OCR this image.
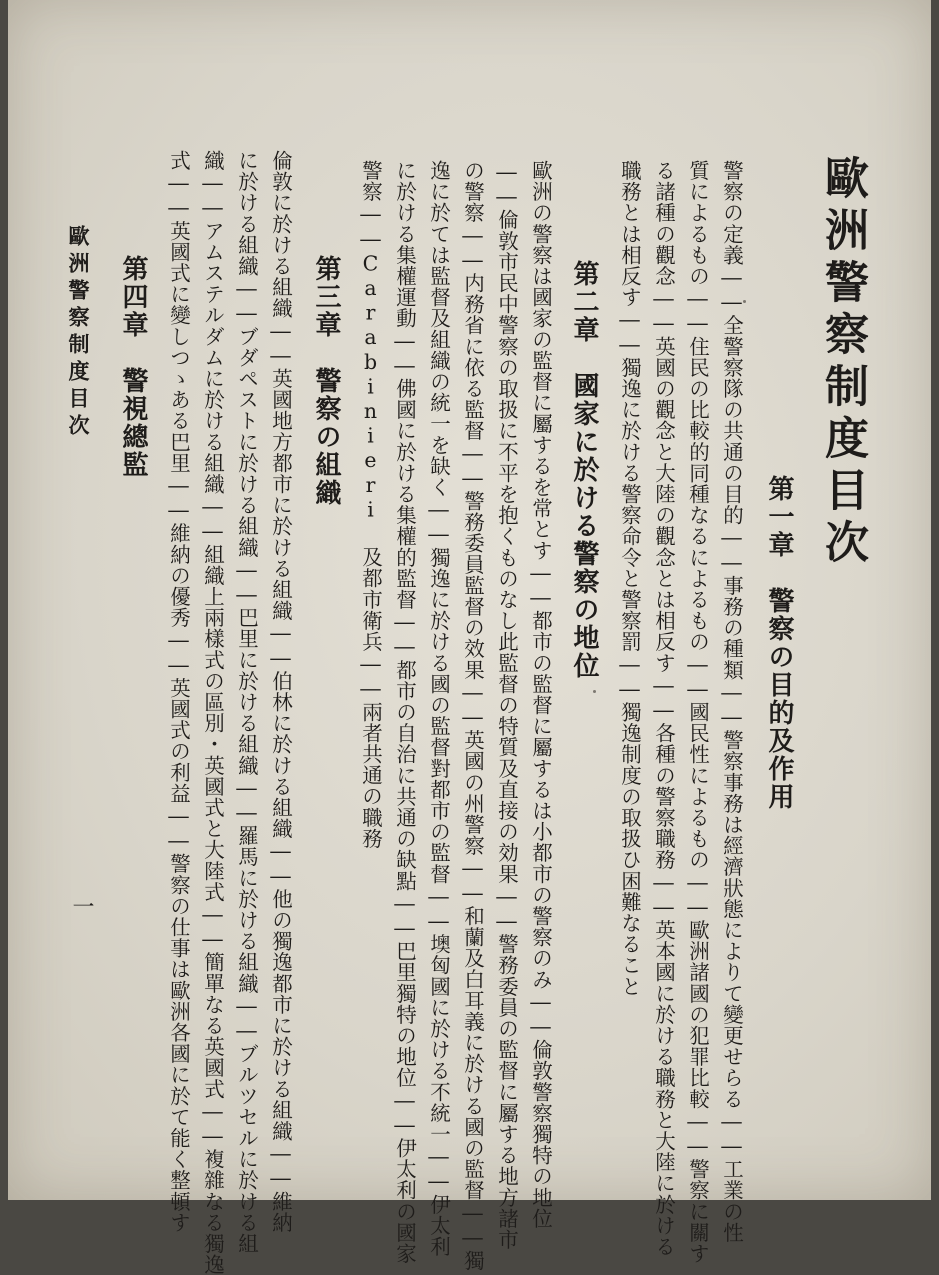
歐洲警察制度目次
第一章　警察の目的及作用
警察の定義――全警察隊の共通の目的――事務の種類――警察事務は經濟狀態によりて變更せらる――工業の性
質によるもの――住民の比較的同種なるによるもの――國民性によるもの――歐洲諸國の犯罪比較――警察に關す
る諸種の觀念――英國の觀念と大陸の觀念とは相反す――各種の警察職務――英本國に於ける職務と大陸に於ける
職務とは相反す――獨逸に於ける警察命令と警察罰――獨逸制度の取扱ひ困難なること
第二章　國家に於ける警察の地位
歐洲の警察は國家の監督に屬するを常とす――都市の監督に屬するは小都市の警察のみ――倫敦警察獨特の地位
――倫敦市民中警察の取扱に不平を抱くものなし此監督の特質及直接の効果――警務委員の監督に屬する地方諸市
の警察――内務省に依る監督――警務委員監督の效果――英國の州警察――和蘭及白耳義に於ける國の監督――獨
逸に於ては監督及組織の統一を缺く――獨逸に於ける國の監督對都市の監督――墺匈國に於ける不統一――伊太利
に於ける集權運動――佛國に於ける集權的監督――都市の自治に共通の缺點――巴里獨特の地位――伊太利の國家
警察――Carabinieri 及都市衛兵――兩者共通の職務
第三章　警察の組織
倫敦に於ける組織――英國地方都市に於ける組織――伯林に於ける組織――他の獨逸都市に於ける組織――維納
に於ける組織――ブダペストに於ける組織――巴里に於ける組織――羅馬に於ける組織――ブルツセルに於ける組
織――アムステルダムに於ける組織――組織上兩樣式の區別・英國式と大陸式――簡單なる英國式――複雜なる獨逸
式――英國式に變しつゝある巴里――維納の優秀――英國式の利益――警察の仕事は歐洲各國に於て能く整頓す
第四章　警視總監
歐洲警察制度目次
一
